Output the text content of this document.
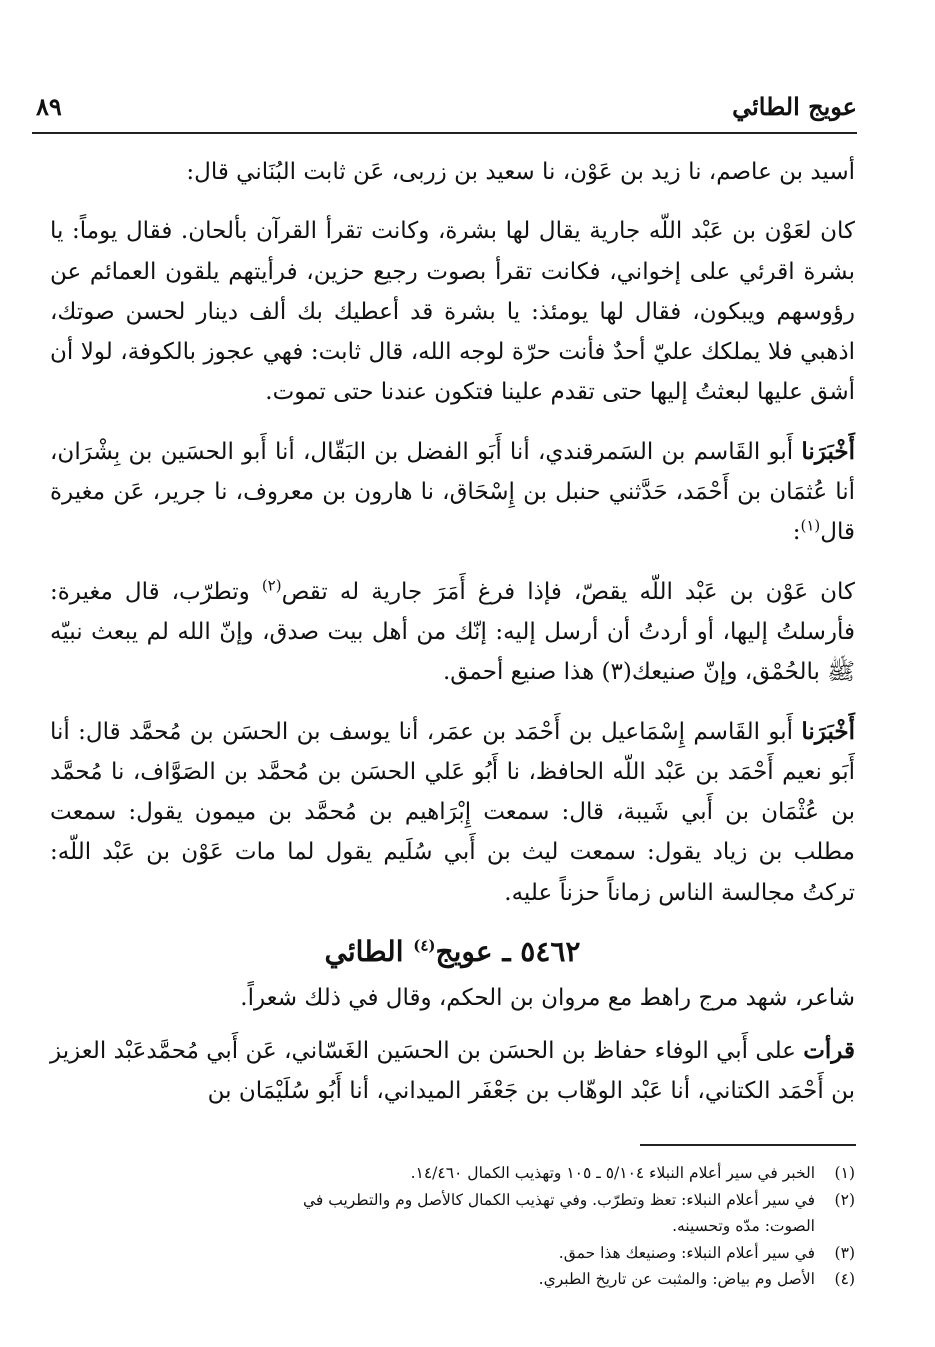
عويج الطائي
٨٩

أسيد بن عاصم، نا زيد بن عَوْن، نا سعيد بن زربى، عَن ثابت البُنَاني قال:

كان لعَوْن بن عَبْد اللّه جارية يقال لها بشرة، وكانت تقرأ القرآن بألحان. فقال يوماً: يا بشرة اقرئي على إخواني، فكانت تقرأ بصوت رجيع حزين، فرأيتهم يلقون العمائم عن رؤوسهم ويبكون، فقال لها يومئذ: يا بشرة قد أعطيك بك ألف دينار لحسن صوتك، اذهبي فلا يملكك عليّ أحدٌ فأنت حرّة لوجه الله، قال ثابت: فهي عجوز بالكوفة، لولا أن أشق عليها لبعثتُ إليها حتى تقدم علينا فتكون عندنا حتى تموت.

أَخْبَرَنا أَبو القَاسم بن السَمرقندي، أنا أَبَو الفضل بن البَقّال، أنا أَبو الحسَين بن بِشْرَان، أنا عُثمَان بن أَحْمَد، حَدَّثني حنبل بن إِسْحَاق، نا هارون بن معروف، نا جرير، عَن مغيرة قال$^{(١)}$:

كان عَوْن بن عَبْد اللّه يقصّ، فإذا فرغ أَمَرَ جارية له تقص$^{(٢)}$ وتطرّب، قال مغيرة: فأرسلتُ إليها، أو أردتُ أن أرسل إليه: إنّك من أهل بيت صدق، وإنّ الله لم يبعث نبيّه ﷺ بالحُمْق، وإنّ صنيعك(٣) هذا صنيع أحمق.

أَخْبَرَنا أَبو القَاسم إِسْمَاعيل بن أَحْمَد بن عمَر، أنا يوسف بن الحسَن بن مُحمَّد قال: أنا أَبَو نعيم أَحْمَد بن عَبْد اللّه الحافظ، نا أَبُو عَلي الحسَن بن مُحمَّد بن الصَوَّاف، نا مُحمَّد بن عُثْمَان بن أَبي شَيبة، قال: سمعت إِبْرَاهيم بن مُحمَّد بن ميمون يقول: سمعت مطلب بن زياد يقول: سمعت ليث بن أَبي سُلَيم يقول لما مات عَوْن بن عَبْد اللّه: تركتُ مجالسة الناس زماناً حزناً عليه.

٥٤٦٢ ـ عويج$^{(٤)}$ الطائي

شاعر، شهد مرج راهط مع مروان بن الحكم، وقال في ذلك شعراً.

قرأت على أَبي الوفاء حفاظ بن الحسَن بن الحسَين الغَسّاني، عَن أَبي مُحمَّدعَبْد العزيز بن أَحْمَد الكتاني، أنا عَبْد الوهّاب بن جَعْفَر الميداني، أنا أَبُو سُلَيْمَان بن

(١)
الخبر في سير أعلام النبلاء ٥/١٠٤ ـ ١٠٥ وتهذيب الكمال ١٤/٤٦٠.
(٢)
في سير أعلام النبلاء: تعظ وتطرّب. وفي تهذيب الكمال كالأصل وم والتطريب في الصوت: مدّه وتحسينه.
(٣)
في سير أعلام النبلاء: وصنيعك هذا حمق.
(٤)
الأصل وم بياض: والمثبت عن تاريخ الطبري.
